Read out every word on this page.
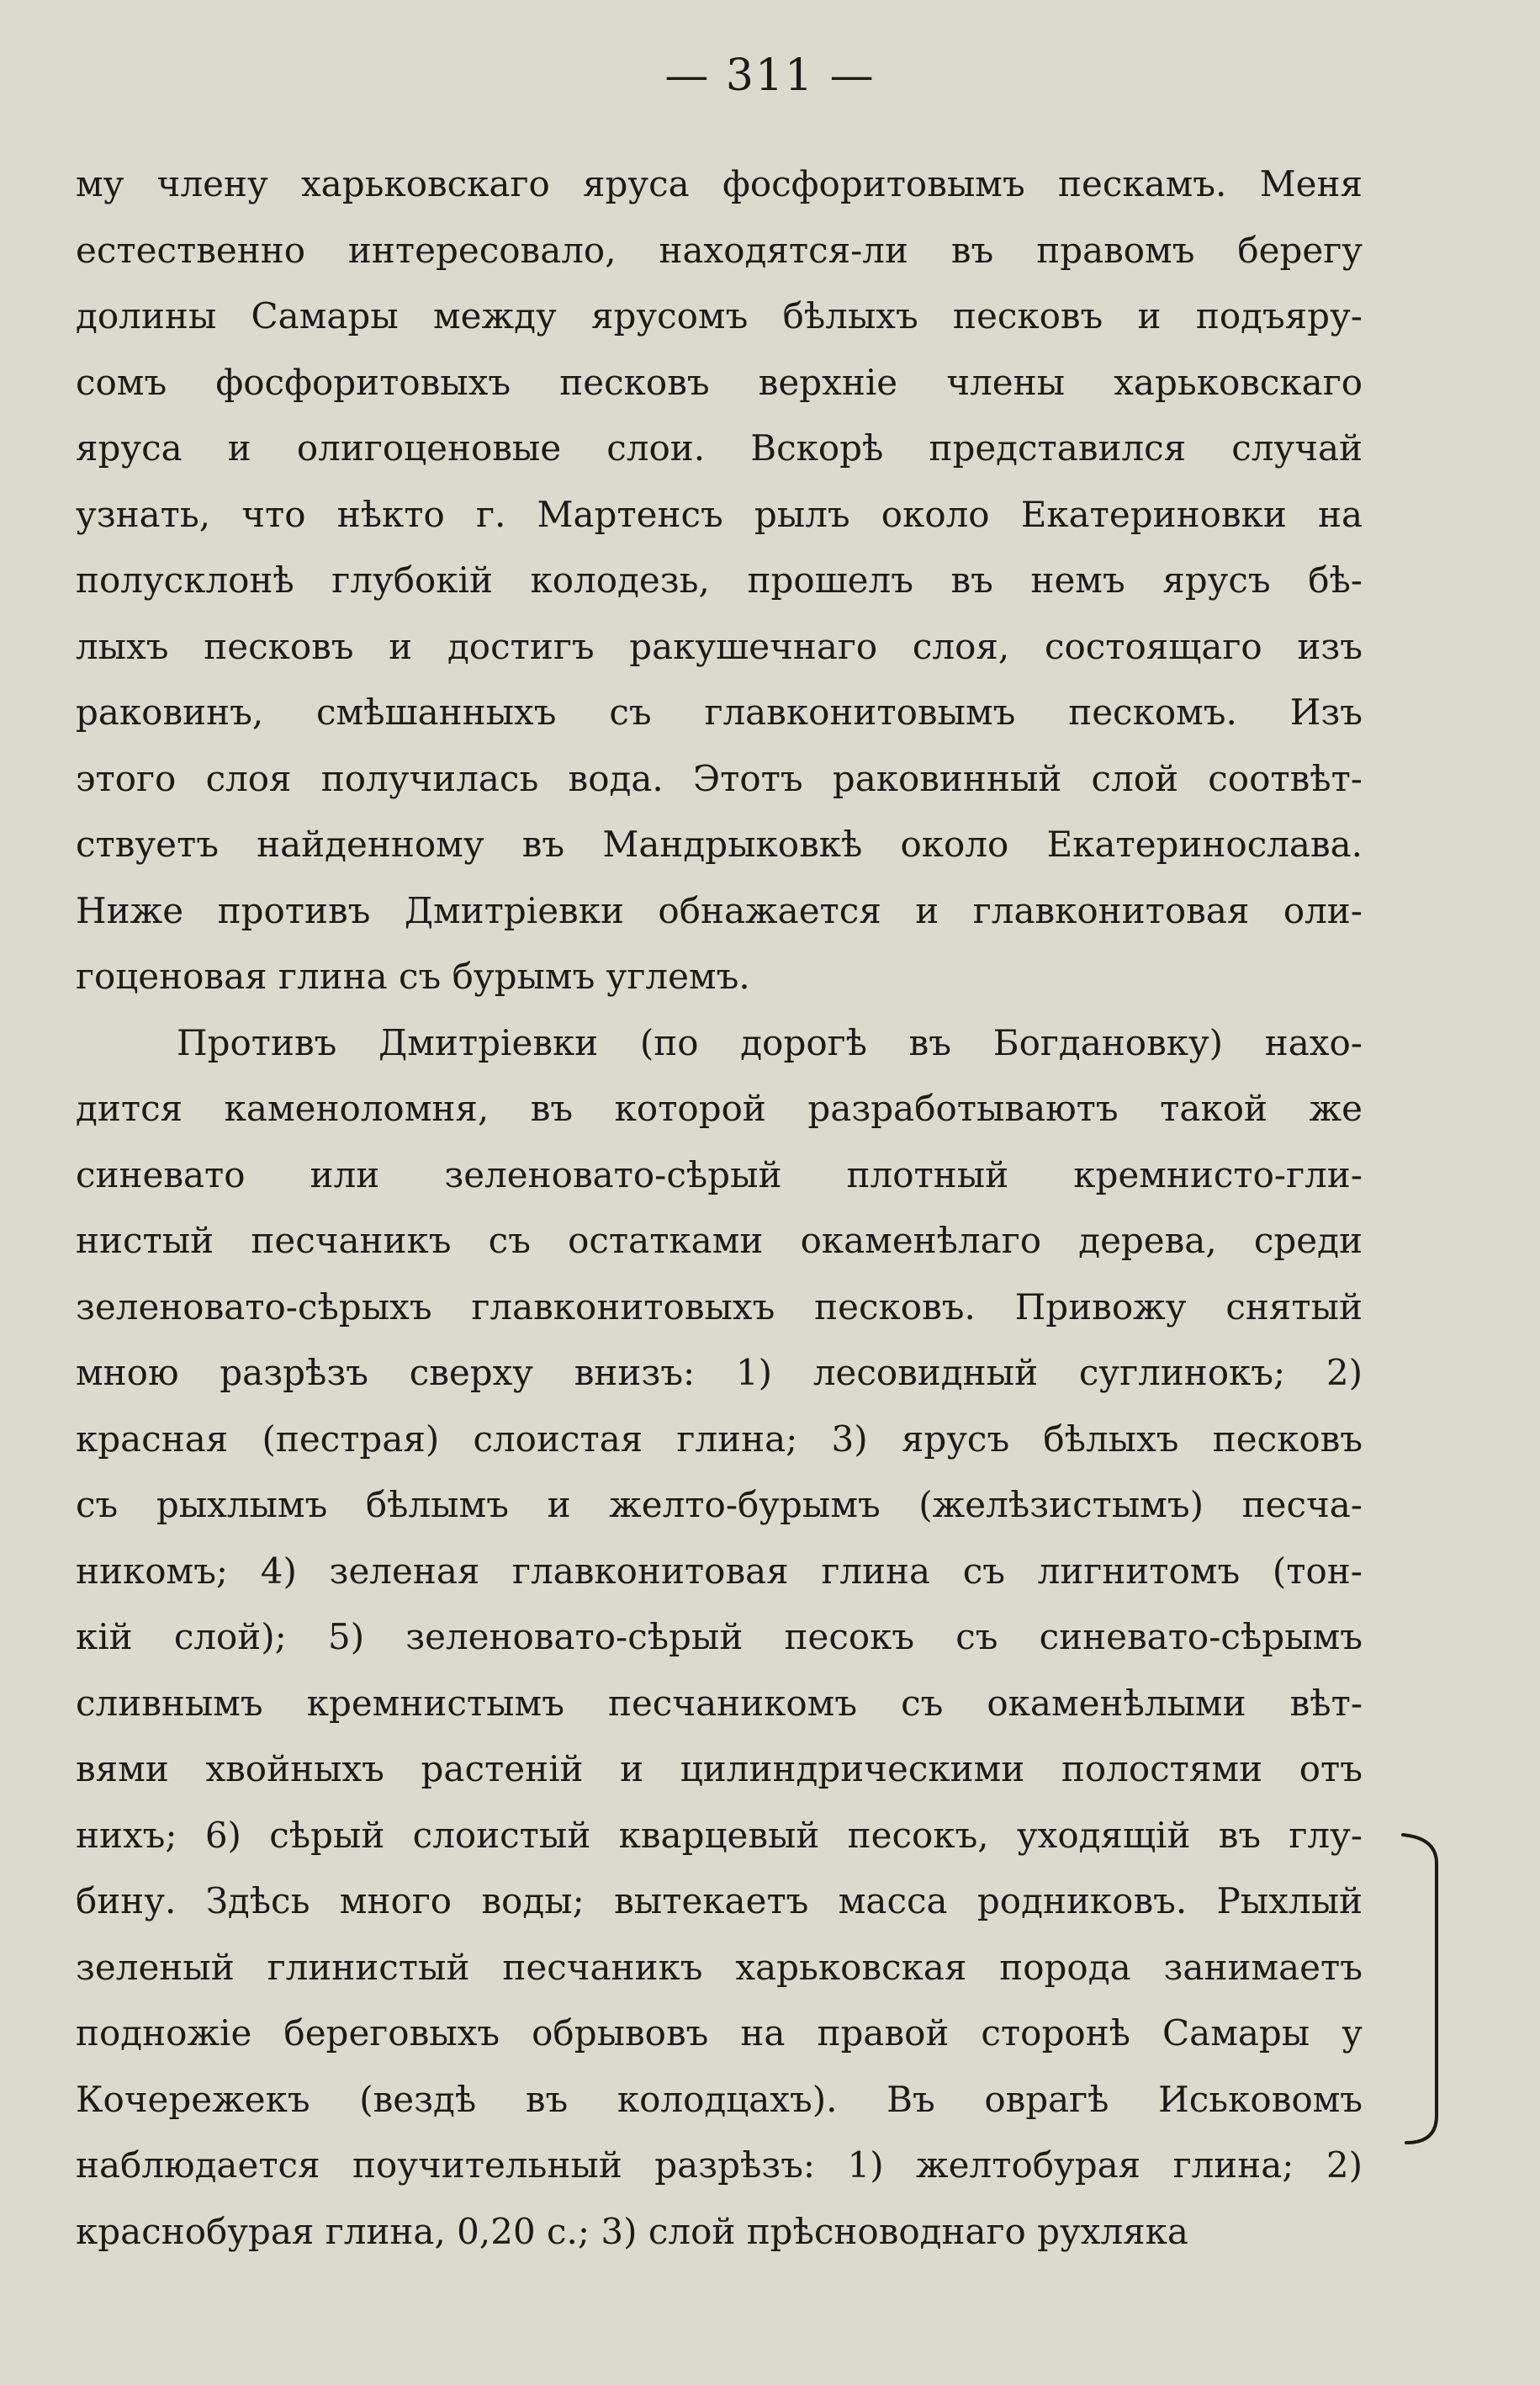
— 311 —
му члену харьковскаго яруса фосфоритовымъ пескамъ. Меня
естественно интересовало, находятся-ли въ правомъ берегу
долины Самары между ярусомъ бѣлыхъ песковъ и подъяру-
сомъ фосфоритовыхъ песковъ верхніе члены харьковскаго
яруса и олигоценовые слои. Вскорѣ представился случай
узнать, что нѣкто г. Мартенсъ рылъ около Екатериновки на
полусклонѣ глубокій колодезь, прошелъ въ немъ ярусъ бѣ-
лыхъ песковъ и достигъ ракушечнаго слоя, состоящаго изъ
раковинъ, смѣшанныхъ съ главконитовымъ пескомъ. Изъ
этого слоя получилась вода. Этотъ раковинный слой соотвѣт-
ствуетъ найденному въ Мандрыковкѣ около Екатеринослава.
Ниже противъ Дмитріевки обнажается и главконитовая оли-
гоценовая глина съ бурымъ углемъ.
Противъ Дмитріевки (по дорогѣ въ Богдановку) нахо-
дится каменоломня, въ которой разработываютъ такой же
синевато или зеленовато-сѣрый плотный кремнисто-гли-
нистый песчаникъ съ остатками окаменѣлаго дерева, среди
зеленовато-сѣрыхъ главконитовыхъ песковъ. Привожу снятый
мною разрѣзъ сверху внизъ: 1) лесовидный суглинокъ; 2)
красная (пестрая) слоистая глина; 3) ярусъ бѣлыхъ песковъ
съ рыхлымъ бѣлымъ и желто-бурымъ (желѣзистымъ) песча-
никомъ; 4) зеленая главконитовая глина съ лигнитомъ (тон-
кій слой); 5) зеленовато-сѣрый песокъ съ синевато-сѣрымъ
сливнымъ кремнистымъ песчаникомъ съ окаменѣлыми вѣт-
вями хвойныхъ растеній и цилиндрическими полостями отъ
нихъ; 6) сѣрый слоистый кварцевый песокъ, уходящій въ глу-
бину. Здѣсь много воды; вытекаетъ масса родниковъ. Рыхлый
зеленый глинистый песчаникъ харьковская порода занимаетъ
подножіе береговыхъ обрывовъ на правой сторонѣ Самары у
Кочережекъ (вездѣ въ колодцахъ). Въ оврагѣ Иськовомъ
наблюдается поучительный разрѣзъ: 1) желтобурая глина; 2)
краснобурая глина, 0,20 с.; 3) слой прѣсноводнаго рухляка
